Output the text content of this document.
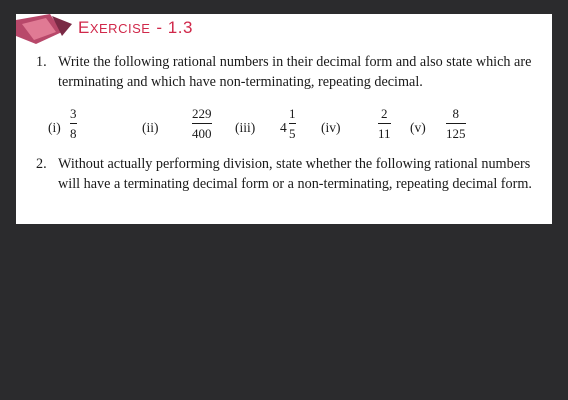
EXERCISE - 1.3
1. Write the following rational numbers in their decimal form and also state which are terminating and which have non-terminating, repeating decimal.
(i)
3
8	(ii)
229
400 (iii) 4
1
5 (iv)
2
11 (v)
8
125
2. Without actually performing division, state whether the following rational numbers will have a terminating decimal form or a non-terminating, repeating decimal form.
